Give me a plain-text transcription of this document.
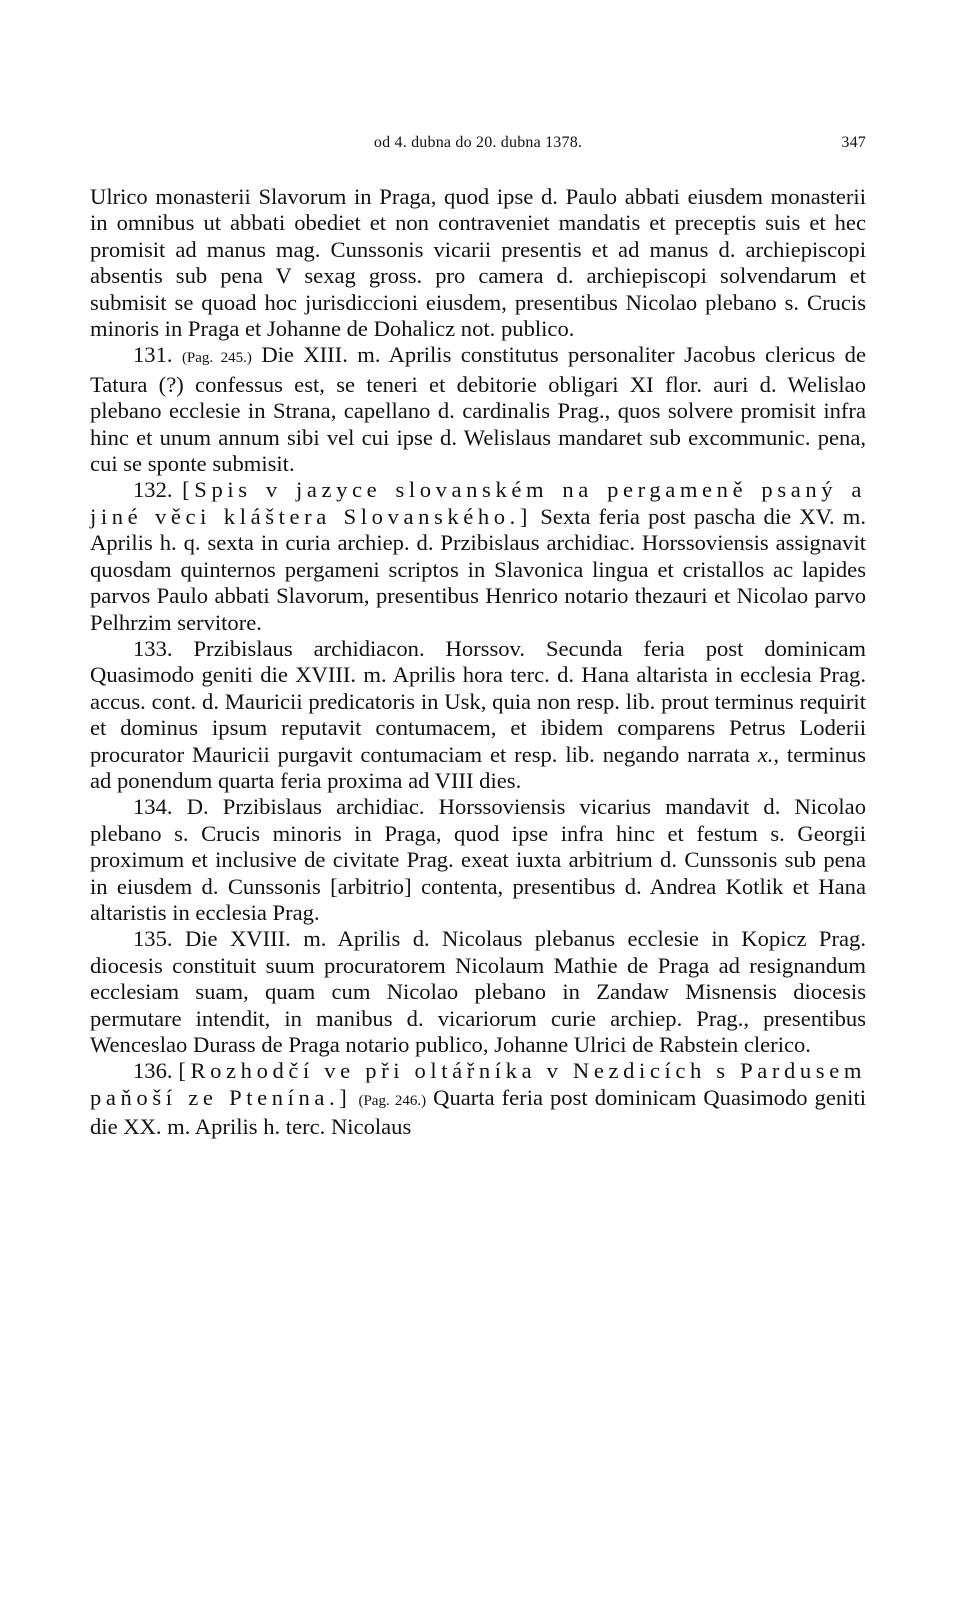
od 4. dubna do 20. dubna 1378.	347

Ulrico monasterii Slavorum in Praga, quod ipse d. Paulo abbati eiusdem monasterii in omnibus ut abbati obediet et non contraveniet mandatis et preceptis suis et hec promisit ad manus mag. Cunssonis vicarii presentis et ad manus d. archiepiscopi absentis sub pena V sexag gross. pro camera d. archiepiscopi solvendarum et submisit se quoad hoc jurisdiccioni eiusdem, presentibus Nicolao plebano s. Crucis minoris in Praga et Johanne de Dohalicz not. publico.

131. (Pag. 245.) Die XIII. m. Aprilis constitutus personaliter Jacobus clericus de Tatura (?) confessus est, se teneri et debitorie obligari XI flor. auri d. Welislao plebano ecclesie in Strana, capellano d. cardinalis Prag., quos solvere promisit infra hinc et unum annum sibi vel cui ipse d. Welislaus mandaret sub excommunic. pena, cui se sponte submisit.

132. [Spis v jazyce slovanském na pergameně psaný a jiné věci kláštera Slovanského.] Sexta feria post pascha die XV. m. Aprilis h. q. sexta in curia archiep. d. Przibislaus archidiac. Horssoviensis assignavit quosdam quinternos pergameni scriptos in Slavonica lingua et cristallos ac lapides parvos Paulo abbati Slavorum, presentibus Henrico notario thezauri et Nicolao parvo Pelhrzim servitore.

133. Przibislaus archidiacon. Horssov. Secunda feria post dominicam Quasimodo geniti die XVIII. m. Aprilis hora terc. d. Hana altarista in ecclesia Prag. accus. cont. d. Mauricii predicatoris in Usk, quia non resp. lib. prout terminus requirit et dominus ipsum reputavit contumacem, et ibidem comparens Petrus Loderii procurator Mauricii purgavit contumaciam et resp. lib. negando narrata x., terminus ad ponendum quarta feria proxima ad VIII dies.

134. D. Przibislaus archidiac. Horssoviensis vicarius mandavit d. Nicolao plebano s. Crucis minoris in Praga, quod ipse infra hinc et festum s. Georgii proximum et inclusive de civitate Prag. exeat iuxta arbitrium d. Cunssonis sub pena in eiusdem d. Cunssonis [arbitrio] contenta, presentibus d. Andrea Kotlik et Hana altaristis in ecclesia Prag.

135. Die XVIII. m. Aprilis d. Nicolaus plebanus ecclesie in Kopicz Prag. diocesis constituit suum procuratorem Nicolaum Mathie de Praga ad resignandum ecclesiam suam, quam cum Nicolao plebano in Zandaw Misnensis diocesis permutare intendit, in manibus d. vicariorum curie archiep. Prag., presentibus Wenceslao Durass de Praga notario publico, Johanne Ulrici de Rabstein clerico.

136. [Rozhodčí ve při oltářníka v Nezdicích s Pardusem paňoší ze Ptenína.] (Pag. 246.) Quarta feria post dominicam Quasimodo geniti die XX. m. Aprilis h. terc. Nicolaus
